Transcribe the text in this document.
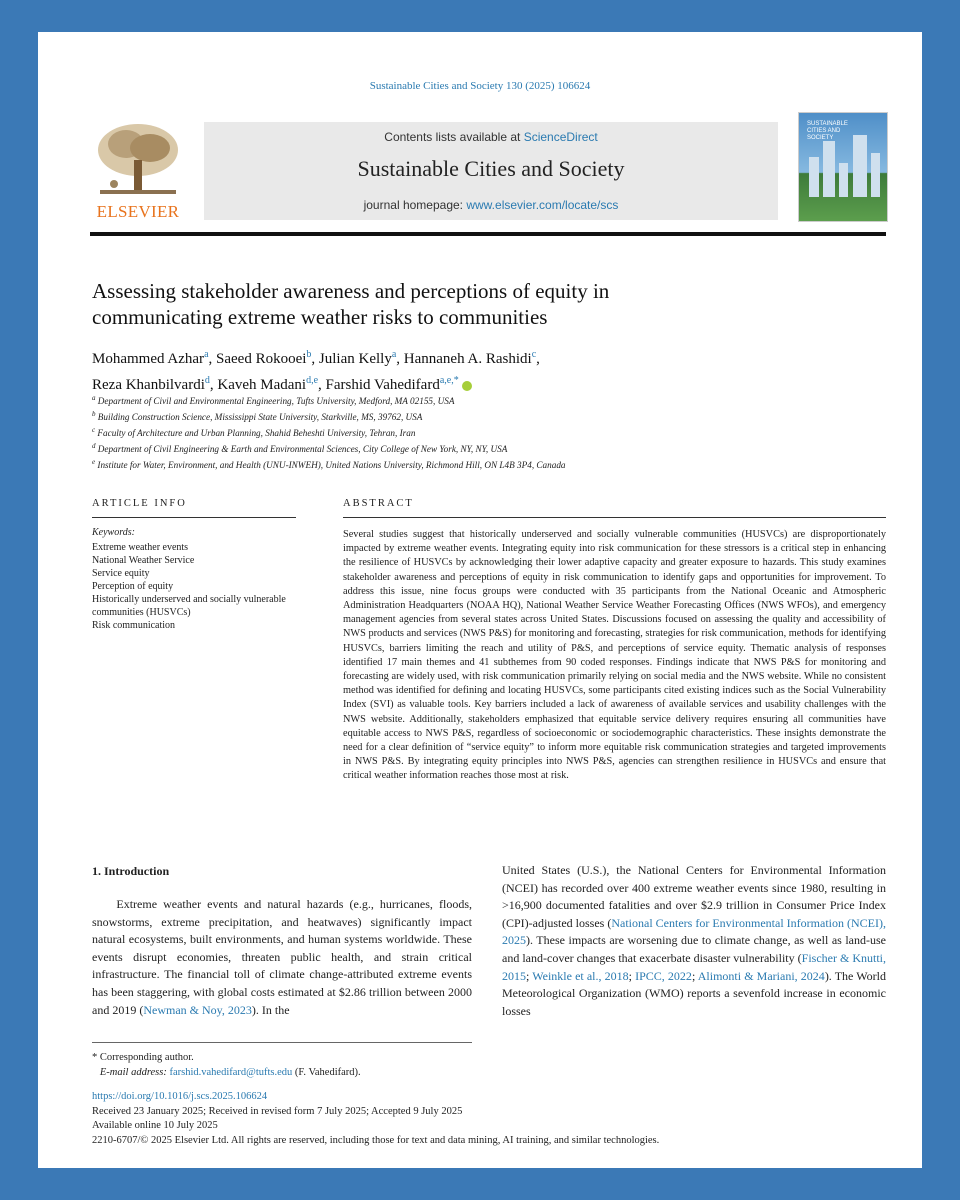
Sustainable Cities and Society 130 (2025) 106624
ELSEVIER
Contents lists available at ScienceDirect
Sustainable Cities and Society
journal homepage: www.elsevier.com/locate/scs
SUSTAINABLE CITIES AND SOCIETY
Assessing stakeholder awareness and perceptions of equity in communicating extreme weather risks to communities
Mohammed Azhar$^a$, Saeed Rokooei$^b$, Julian Kelly$^a$, Hannaneh A. Rashidi$^c$,
Reza Khanbilvardi$^d$, Kaveh Madani$^{d,e}$, Farshid Vahedifard$^{a,e,*}$
$^a$ Department of Civil and Environmental Engineering, Tufts University, Medford, MA 02155, USA
$^b$ Building Construction Science, Mississippi State University, Starkville, MS, 39762, USA
$^c$ Faculty of Architecture and Urban Planning, Shahid Beheshti University, Tehran, Iran
$^d$ Department of Civil Engineering & Earth and Environmental Sciences, City College of New York, NY, NY, USA
$^e$ Institute for Water, Environment, and Health (UNU-INWEH), United Nations University, Richmond Hill, ON L4B 3P4, Canada
ARTICLE INFO
Keywords:
Extreme weather events
National Weather Service
Service equity
Perception of equity
Historically underserved and socially vulnerable communities (HUSVCs)
Risk communication
ABSTRACT
Several studies suggest that historically underserved and socially vulnerable communities (HUSVCs) are disproportionately impacted by extreme weather events. Integrating equity into risk communication for these stressors is a critical step in enhancing the resilience of HUSVCs by acknowledging their lower adaptive capacity and greater exposure to hazards. This study examines stakeholder awareness and perceptions of equity in risk communication to identify gaps and opportunities for improvement. To address this issue, nine focus groups were conducted with 35 participants from the National Oceanic and Atmospheric Administration Headquarters (NOAA HQ), National Weather Service Weather Forecasting Offices (NWS WFOs), and emergency management agencies from several states across United States. Discussions focused on assessing the quality and accessibility of NWS products and services (NWS P&S) for monitoring and forecasting, strategies for risk communication, methods for identifying HUSVCs, barriers limiting the reach and utility of P&S, and perceptions of service equity. Thematic analysis of responses identified 17 main themes and 41 subthemes from 90 coded responses. Findings indicate that NWS P&S for monitoring and forecasting are widely used, with risk communication primarily relying on social media and the NWS website. While no consistent method was identified for defining and locating HUSVCs, some participants cited existing indices such as the Social Vulnerability Index (SVI) as valuable tools. Key barriers included a lack of awareness of available services and usability challenges with the NWS website. Additionally, stakeholders emphasized that equitable service delivery requires ensuring all communities have equitable access to NWS P&S, regardless of socioeconomic or sociodemographic characteristics. These insights demonstrate the need for a clear definition of “service equity” to inform more equitable risk communication strategies and targeted improvements in NWS P&S. By integrating equity principles into NWS P&S, agencies can strengthen resilience in HUSVCs and ensure that critical weather information reaches those most at risk.
1. Introduction
Extreme weather events and natural hazards (e.g., hurricanes, floods, snowstorms, extreme precipitation, and heatwaves) significantly impact natural ecosystems, built environments, and human systems worldwide. These events disrupt economies, threaten public health, and strain critical infrastructure. The financial toll of climate change-attributed extreme events has been staggering, with global costs estimated at $2.86 trillion between 2000 and 2019 (Newman & Noy, 2023). In the
United States (U.S.), the National Centers for Environmental Information (NCEI) has recorded over 400 extreme weather events since 1980, resulting in >16,900 documented fatalities and over $2.9 trillion in Consumer Price Index (CPI)-adjusted losses (National Centers for Environmental Information (NCEI), 2025). These impacts are worsening due to climate change, as well as land-use and land-cover changes that exacerbate disaster vulnerability (Fischer & Knutti, 2015; Weinkle et al., 2018; IPCC, 2022; Alimonti & Mariani, 2024). The World Meteorological Organization (WMO) reports a sevenfold increase in economic losses
* Corresponding author.
E-mail address: farshid.vahedifard@tufts.edu (F. Vahedifard).
https://doi.org/10.1016/j.scs.2025.106624
Received 23 January 2025; Received in revised form 7 July 2025; Accepted 9 July 2025
Available online 10 July 2025
2210-6707/© 2025 Elsevier Ltd. All rights are reserved, including those for text and data mining, AI training, and similar technologies.
